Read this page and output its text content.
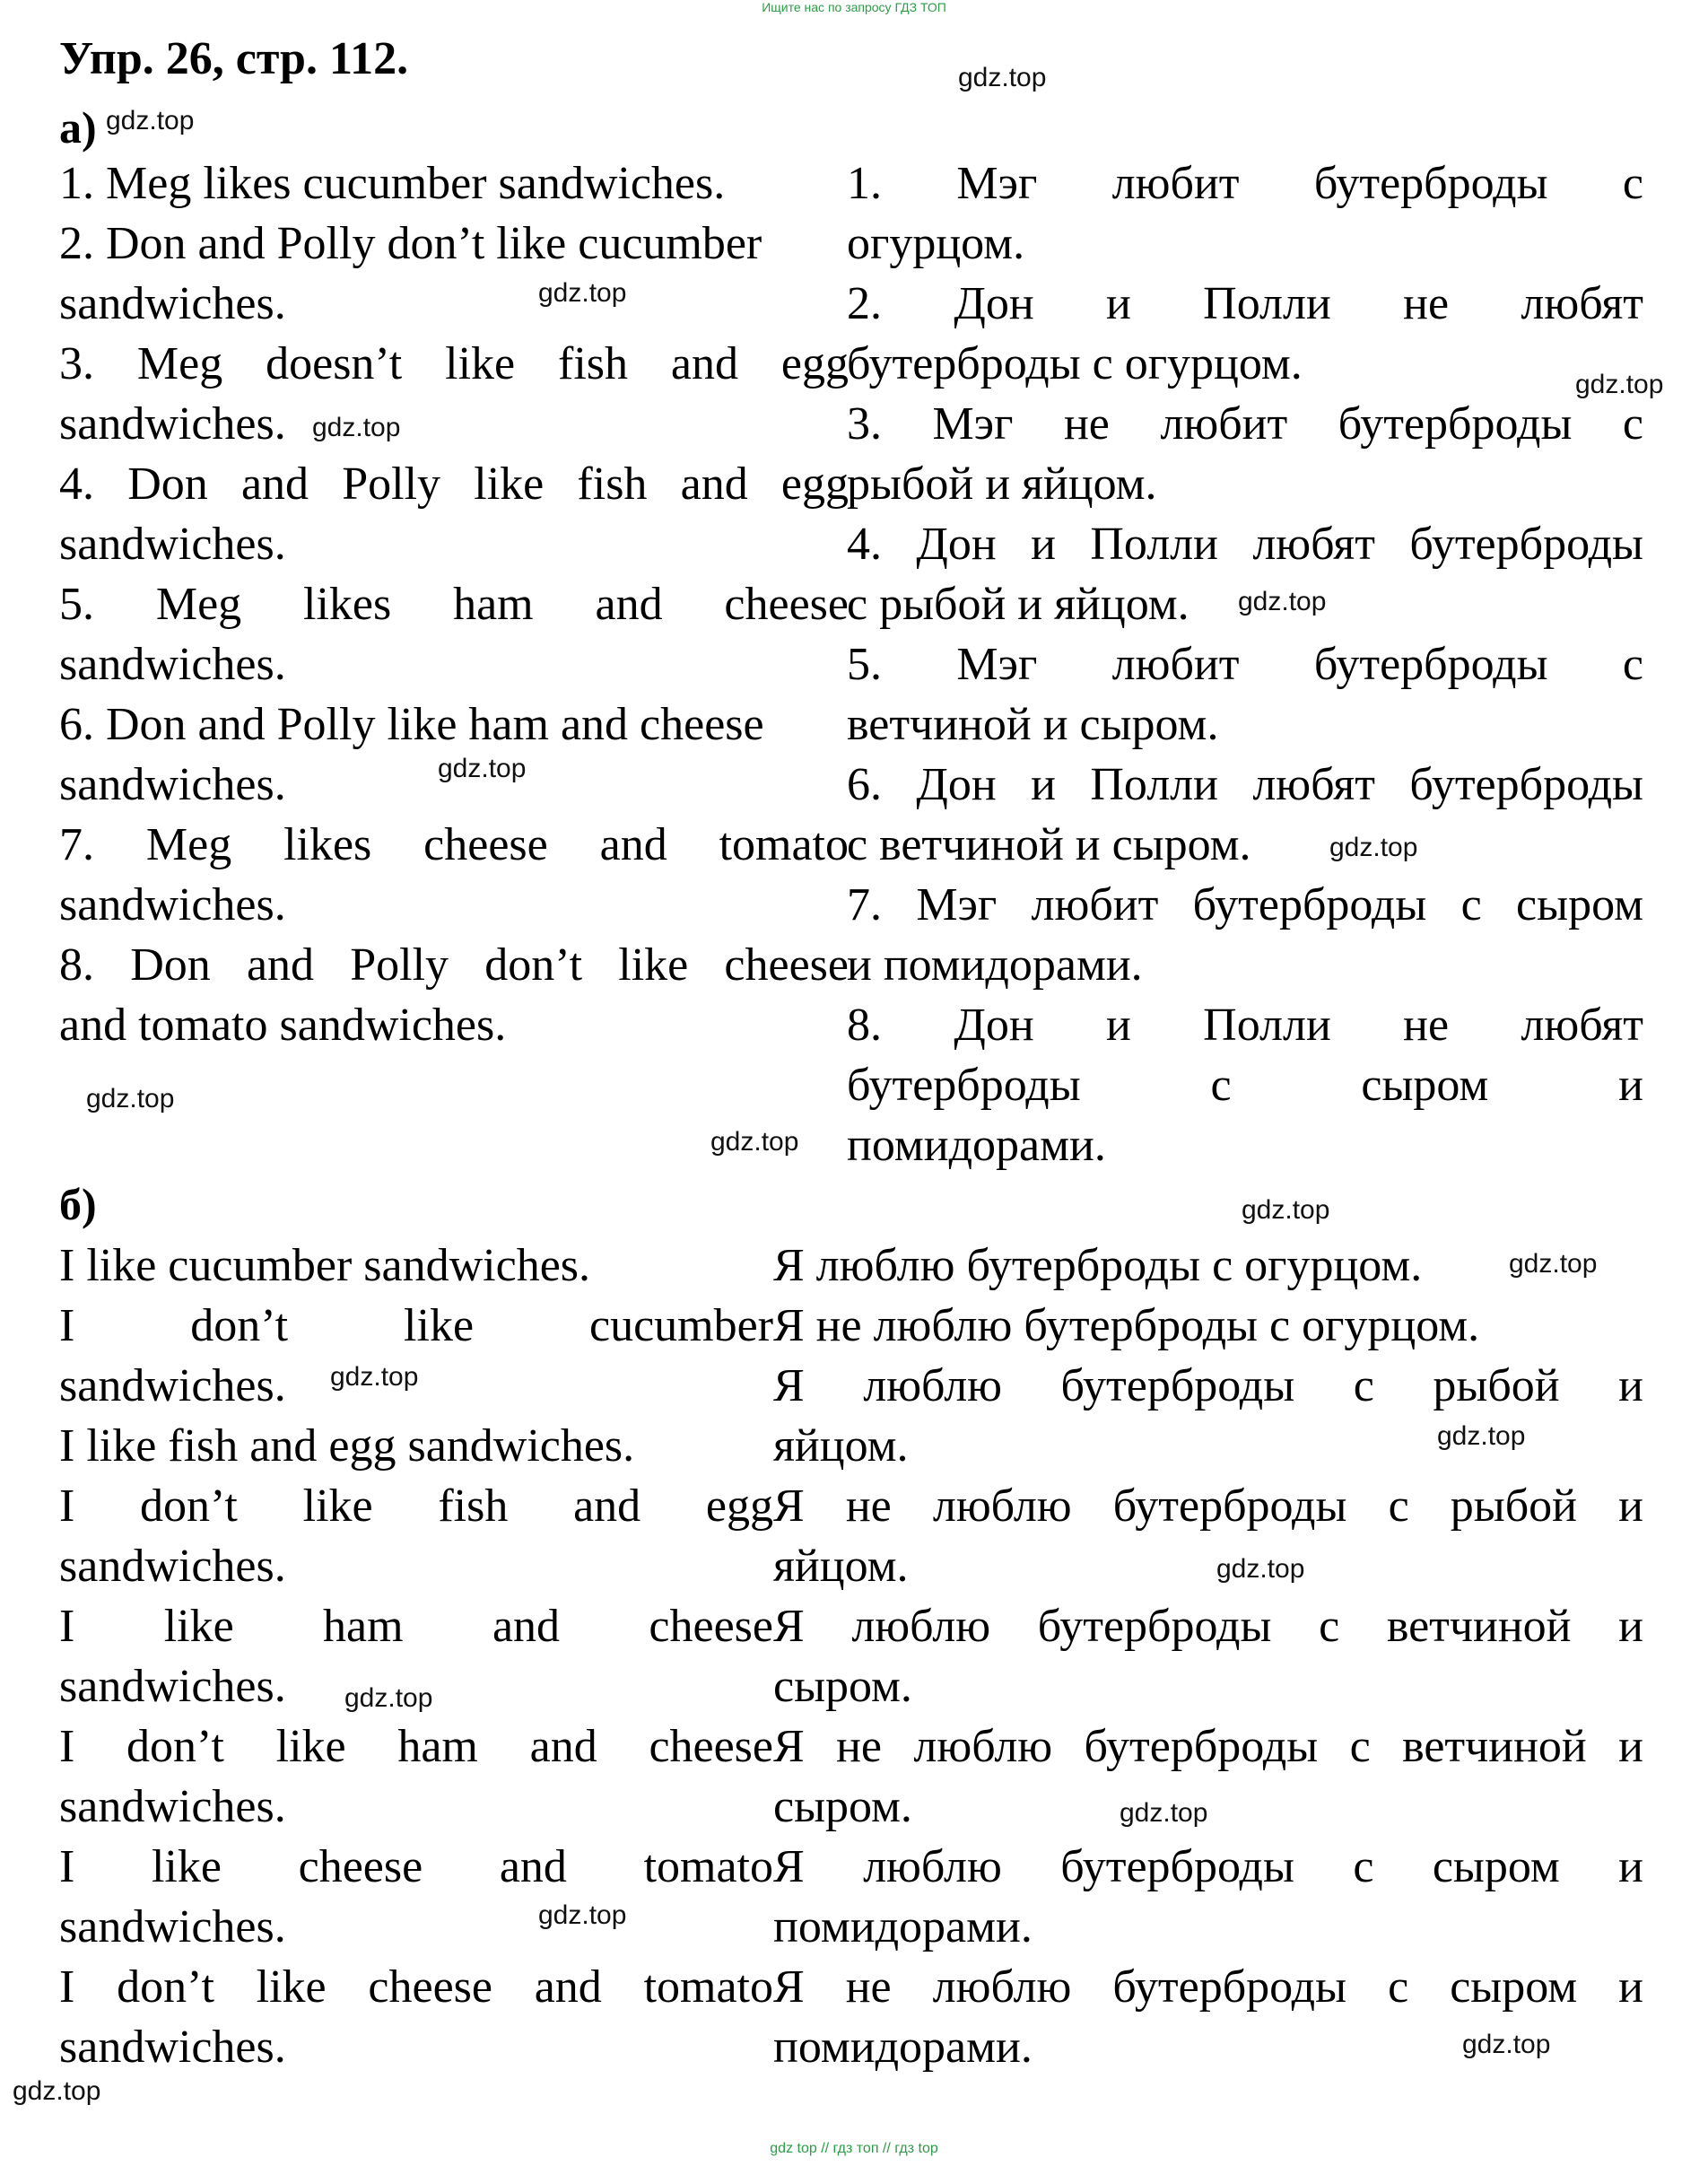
Ищите нас по запросу ГДЗ ТОП
Упр. 26, стр. 112.
а)
1. Meg likes cucumber sandwiches.
2. Don and Polly don’t like cucumber
sandwiches.
3. Meg doesn’t like fish and egg
sandwiches.
4. Don and Polly like fish and egg
sandwiches.
5. Meg likes ham and cheese
sandwiches.
6. Don and Polly like ham and cheese
sandwiches.
7. Meg likes cheese and tomato
sandwiches.
8. Don and Polly don’t like cheese
and tomato sandwiches.
1. Мэг любит бутерброды с
огурцом.
2. Дон и Полли не любят
бутерброды с огурцом.
3. Мэг не любит бутерброды с
рыбой и яйцом.
4. Дон и Полли любят бутерброды
с рыбой и яйцом.
5. Мэг любит бутерброды с
ветчиной и сыром.
6. Дон и Полли любят бутерброды
с ветчиной и сыром.
7. Мэг любит бутерброды с сыром
и помидорами.
8. Дон и Полли не любят
бутерброды с сыром и
помидорами.
б)
I like cucumber sandwiches.
I don’t like cucumber
sandwiches.
I like fish and egg sandwiches.
I don’t like fish and egg
sandwiches.
I like ham and cheese
sandwiches.
I don’t like ham and cheese
sandwiches.
I like cheese and tomato
sandwiches.
I don’t like cheese and tomato
sandwiches.
Я люблю бутерброды с огурцом.
Я не люблю бутерброды с огурцом.
Я люблю бутерброды с рыбой и
яйцом.
Я не люблю бутерброды с рыбой и
яйцом.
Я люблю бутерброды с ветчиной и
сыром.
Я не люблю бутерброды с ветчиной и
сыром.
Я люблю бутерброды с сыром и
помидорами.
Я не люблю бутерброды с сыром и
помидорами.
gdz.top
gdz.top
gdz.top
gdz.top
gdz.top
gdz.top
gdz.top
gdz.top
gdz.top
gdz.top
gdz.top
gdz.top
gdz.top
gdz.top
gdz.top
gdz.top
gdz.top
gdz.top
gdz.top
gdz.top
gdz top // гдз топ // гдз top
